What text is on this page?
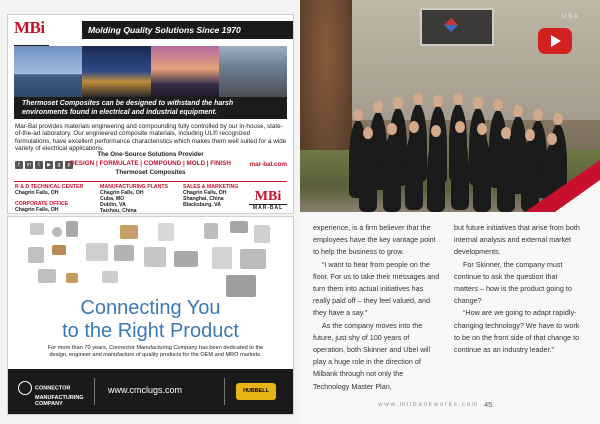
MBi	Molding Quality Solutions Since 1970
Thermoset Composites can be designed to withstand the harsh environments found in electrical and industrial equipment.
Mar-Bal provides materials engineering and compounding fully controlled by our in-house, state-of-the-art laboratory. Our engineered composite materials, including UL® recognized formulations, have excellent performance characteristics which makes them well suited for a wide variety of electrical applications.
f	in	t	▶	g	p
The One-Source Solutions Provider
DESIGN | FORMULATE | COMPOUND | MOLD | FINISH
Thermoset Composites
mar-bal.com
R & D TECHNICAL CENTER
Chagrin Falls, OH
CORPORATE OFFICE
Chagrin Falls, OH
MANUFACTURING PLANTS
Chagrin Falls, OH
Cuba, MO
Dublin, VA
Taizhou, China
SALES & MARKETING
Chagrin Falls, OH
Shanghai, China
Blacksburg, VA
MBi
MAR-BAL
Connecting You
to the Right Product
For more than 70 years, Connector Manufacturing Company has been dedicated to the design, engineer and manufacture of quality products for the OEM and MRO markets.
CONNECTOR
MANUFACTURING
COMPANY
www.cmclugs.com	HUBBELL
USA

experience, is a firm believer that the employees have the key vantage point to help the business to grow.

“I want to hear from people on the floor. For us to take their messages and turn them into actual initiatives has really paid off – they feel valued, and they have a say.”

As the company moves into the future, just shy of 100 years of operation, both Skinner and Ubel will play a huge role in the direction of Milbank through not only the Technology Master Plan,

but future initiatives that arise from both internal analysis and external market developments.

For Skinner, the company must continue to ask the question that matters – how is the product going to change?

“How are we going to adapt rapidly-changing technology? We have to work to be on the front side of that change to continue as an industry leader.”

www.milbankworks.com 45
